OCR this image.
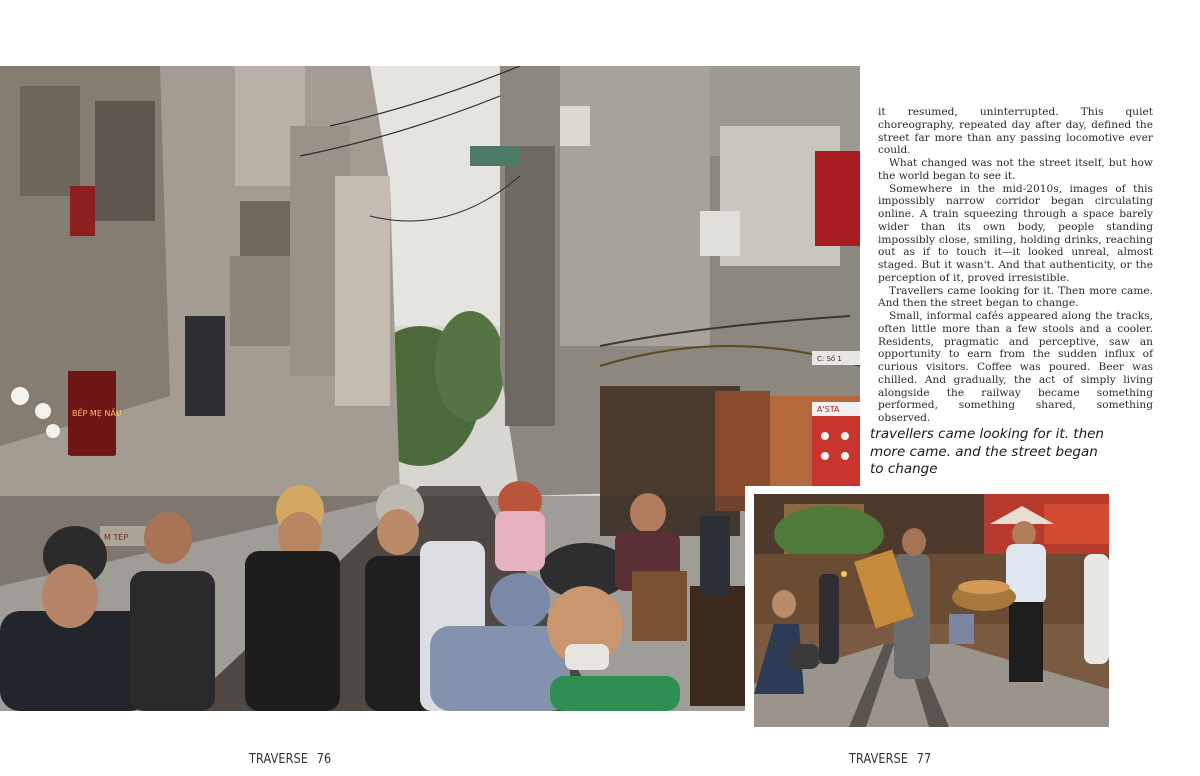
A'STA
C: Số 1
BẾP MẸ NẤU
M TÉP

it resumed, uninterrupted. This quiet choreography, repeated day after day, defined the street far more than any passing locomotive ever could.

What changed was not the street itself, but how the world began to see it.

Somewhere in the mid-2010s, images of this impossibly narrow corridor began circulating online. A train squeezing through a space barely wider than its own body, people standing impossibly close, smiling, holding drinks, reaching out as if to touch it—it looked unreal, almost staged. But it wasn't. And that authenticity, or the perception of it, proved irresistible.

Travellers came looking for it. Then more came. And then the street began to change.

Small, informal cafés appeared along the tracks, often little more than a few stools and a cooler. Residents, pragmatic and perceptive, saw an opportunity to earn from the sudden influx of curious visitors. Coffee was poured. Beer was chilled. And gradually, the act of simply living alongside the railway became something performed, something shared, something observed.

travellers came looking for it. then more came. and the street began to change
TRAVERSE 76	TRAVERSE 77
